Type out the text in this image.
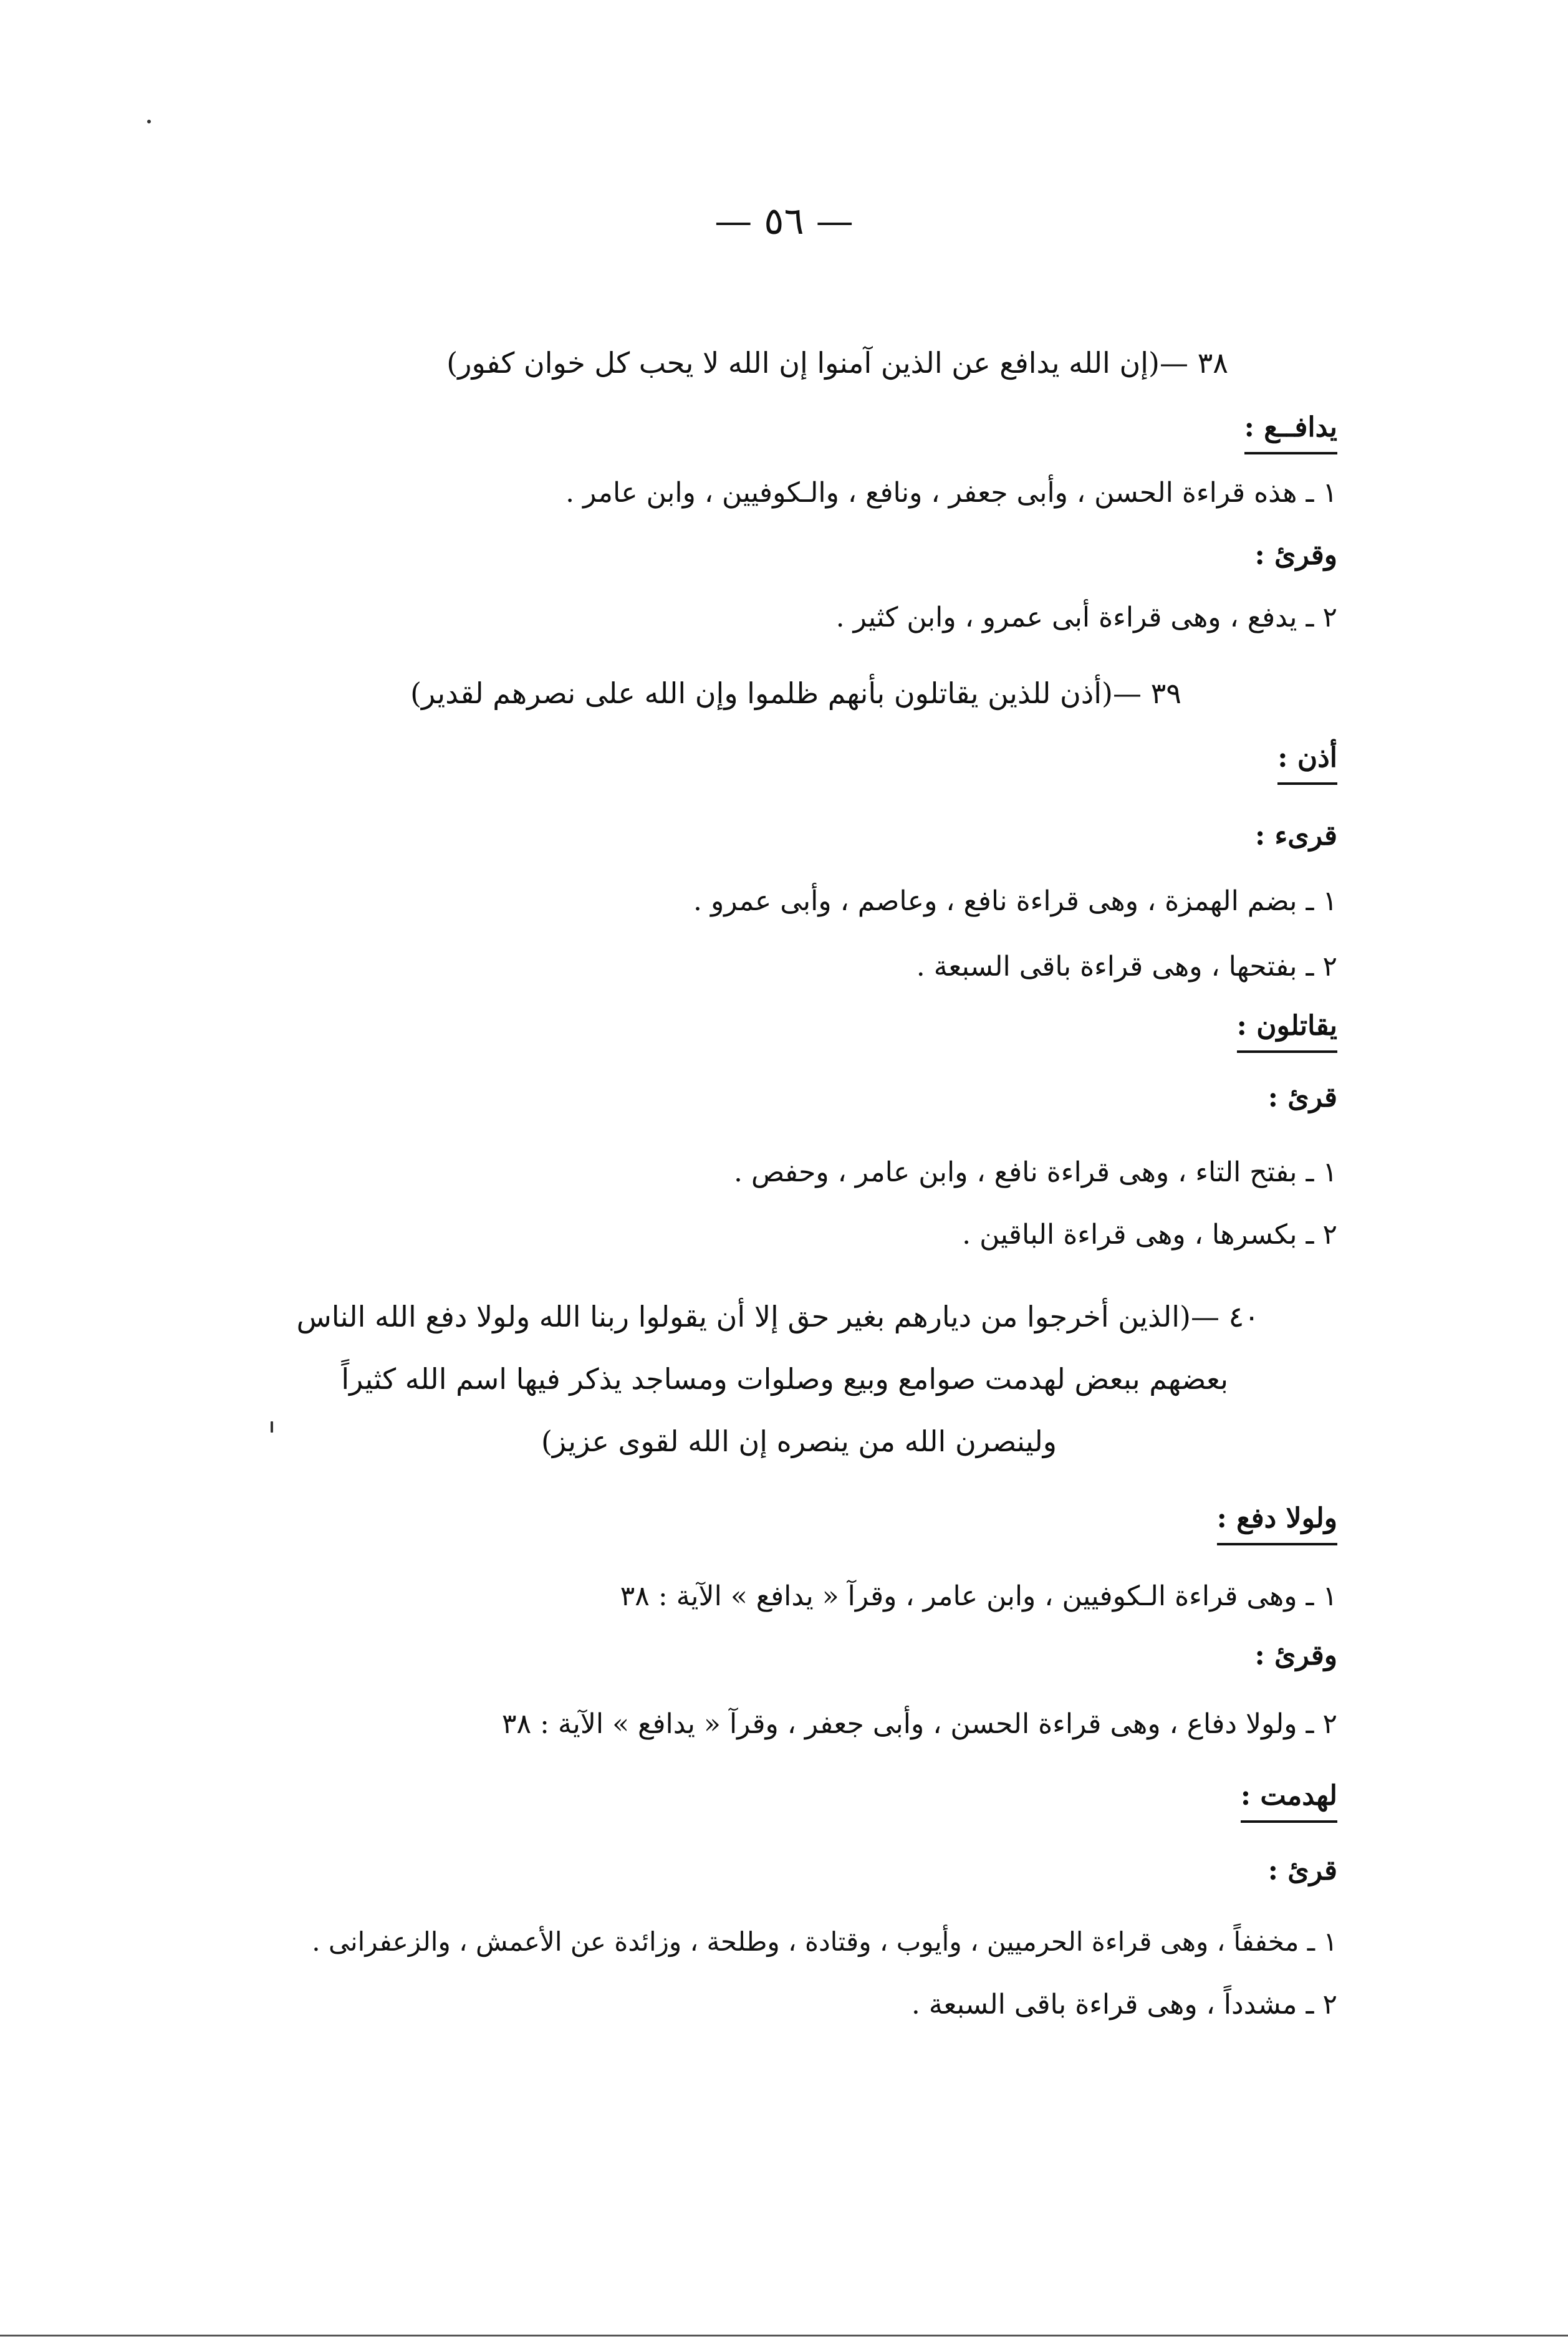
— ٥٦ —
٣٨ —(إن الله يدافع عن الذين آمنوا إن الله لا يحب كل خوان كفور)
يدافــع :
١ ـ هذه قراءة الحسن ، وأبى جعفر ، ونافع ، والـكوفيين ، وابن عامر .
وقرئ :
٢ ـ يدفع ، وهى قراءة أبى عمرو ، وابن كثير .
٣٩ —(أذن للذين يقاتلون بأنهم ظلموا وإن الله على نصرهم لقدير)
أذن :
قرىء :
١ ـ بضم الهمزة ، وهى قراءة نافع ، وعاصم ، وأبى عمرو .
٢ ـ بفتحها ، وهى قراءة باقى السبعة .
يقاتلون :
قرئ :
١ ـ بفتح التاء ، وهى قراءة نافع ، وابن عامر ، وحفص .
٢ ـ بكسرها ، وهى قراءة الباقين .
٤٠ —(الذين أخرجوا من ديارهم بغير حق إلا أن يقولوا ربنا الله ولولا دفع الله الناس
بعضهم ببعض لهدمت صوامع وبيع وصلوات ومساجد يذكر فيها اسم الله كثيراً
ولينصرن الله من ينصره إن الله لقوى عزيز)
ولولا دفع :
١ ـ وهى قراءة الـكوفيين ، وابن عامر ، وقرآ « يدافع » الآية : ٣٨
وقرئ :
٢ ـ ولولا دفاع ، وهى قراءة الحسن ، وأبى جعفر ، وقرآ « يدافع » الآية : ٣٨
لهدمت :
قرئ :
١ ـ مخففاً ، وهى قراءة الحرميين ، وأيوب ، وقتادة ، وطلحة ، وزائدة عن الأعمش ، والزعفرانى .
٢ ـ مشدداً ، وهى قراءة باقى السبعة .
